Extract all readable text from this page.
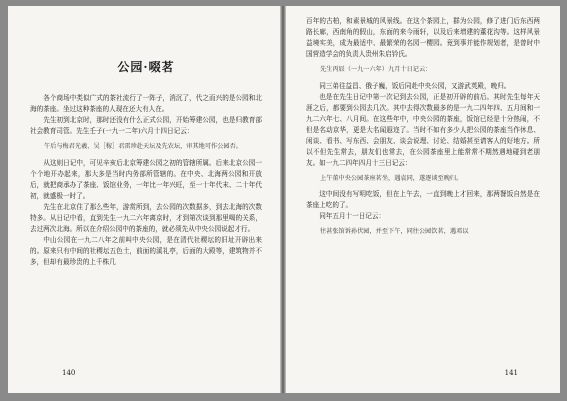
公园·啜茗

各个商场中类似广式的茶社流行了一阵子，消沉了，代之而兴的是公园和北海的茶座。坐过这种茶座的人现在还大有人在。

先生初到北京时，那时还没有什么正式公园，开始筹建公园，也是归教育部社会教育司管。先生壬子(一九一二年)六月十四日记云：

午后与梅君光羲、吴［稼］君雷珍赴天坛及先农坛，审其地可作公园否。

从这则日记中，可见辛亥后北京筹建公园之初的管辖所属。后来北京公园一个个地开办起来，那大多是当时内务部所管辖的。在中央、北海两公园和开放后，就把商承办了茶座、饭馆业务，一年比一年兴旺，至一十年代末、二十年代初，就盛极一时了。

先生在北京住了那么些年，游赏所到，去公园的次数据多，到去北海的次数特多。从日记中看，直到先生一九二六年离京时，才到第次谈到那里喝的关系，去过两次北海。所以在介绍公园中的茶座的，就必须先从中央公园说起才行。

中山公园在一九二八年之前叫中央公园，是在清代社稷坛的旧址开辟出来的。原来只有中间的社稷坛五色土，前面的溪礼亭，后面的大殿等，建筑物并不多，但却有最珍贵的上千株几

140

百年的古柏，和素景城的风景线。在这个茶园上，群为公园，修了进门后东西两路长廊，西南角的假山，东面的来今雨轩，以及后来增建的董花沟等。这样风景益境实美，成为最适中、最繁荣的名园一樱园。竟到事并能作规划者，是曾时中国营造学会的负责人贵州朱启钤氏。

先生丙辰（一九一六年）九月十日记云：

同三弟往益昌、俄子巍，饭后同赴中央公园，又游武英殿，晚归。

也是在先生日记中第一次记到去公园，正是初开辟的前后。其时先生每年天涯之后，都要到公园去几次。其中去得次数最多的是一九二四年四、五月间和一九二六年七、八月间。在这些年中，中央公园的茶座，饭馆已经是十分热闹，不但是名动京华，更是大名闻遐迩了。当时不如有多少人把公园的茶座当作休息、闲谈、看书、写东西、会朋友、谈会说理、讨论、结婚甚至请客人的好地方。所以不但先生常去，朋友们也常去，在公园茶座里上能常常不期然遇地碰到老朋友。如一九二四年四月十三日记云：

上午董中央公园茶座茗坐，遇袁同，遂逐谈至晚归。

这中间没有写明吃饭，但在上午去，一直到晚上才回来，那两餐饭自然是在茶座上吃的了。

同年五月十一日记云：

往甚张馆诉孙伏园，并至下午，同往公园饮茗，遇邓以

141
